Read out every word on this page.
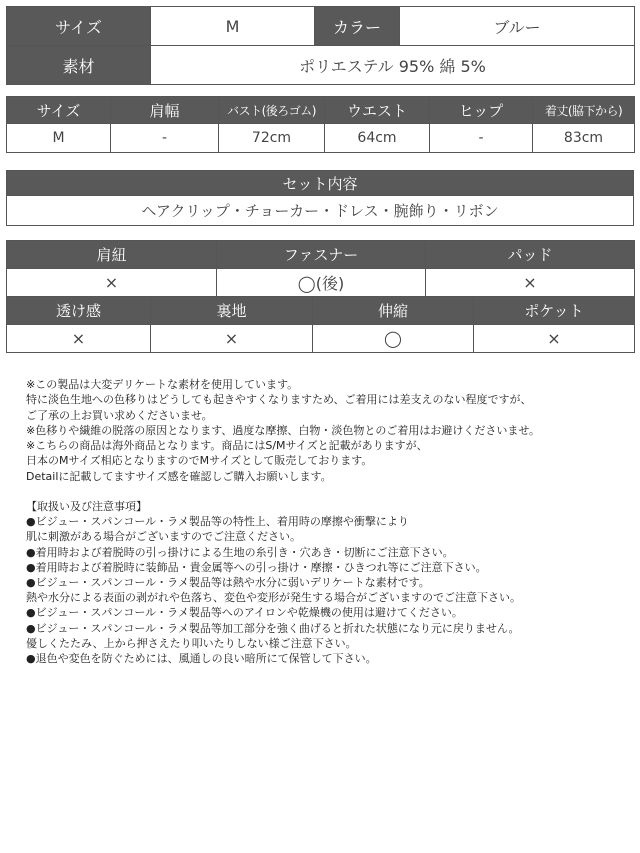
サイズ	M	カラー	ブルー
素材	ポリエステル 95% 綿 5%		
サイズ	肩幅	バスト(後ろゴム)	ウエスト	ヒップ	着丈(脇下から)
M	-	72cm	64cm	-	83cm
セット内容
ヘアクリップ・チョーカー・ドレス・腕飾り・リボン
肩紐	ファスナー	パッド
×	◯(後)	×
透け感	裏地	伸縮	ポケット
×	×	◯	×

※この製品は大変デリケートな素材を使用しています。

特に淡色生地への色移りはどうしても起きやすくなりますため、ご着用には差支えのない程度ですが、

ご了承の上お買い求めくださいませ。

※色移りや繊維の脱落の原因となります、過度な摩擦、白物・淡色物とのご着用はお避けくださいませ。

※こちらの商品は海外商品となります。商品にはS/Mサイズと記載がありますが、

日本のMサイズ相応となりますのでMサイズとして販売しております。

Detailに記載してますサイズ感を確認しご購入お願いします。

【取扱い及び注意事項】

●ビジュー・スパンコール・ラメ製品等の特性上、着用時の摩擦や衝撃により

肌に刺激がある場合がございますのでご注意ください。

●着用時および着脱時の引っ掛けによる生地の糸引き・穴あき・切断にご注意下さい。

●着用時および着脱時に装飾品・貴金属等への引っ掛け・摩擦・ひきつれ等にご注意下さい。

●ビジュー・スパンコール・ラメ製品等は熱や水分に弱いデリケートな素材です。

熱や水分による表面の剥がれや色落ち、変色や変形が発生する場合がございますのでご注意下さい。

●ビジュー・スパンコール・ラメ製品等へのアイロンや乾燥機の使用は避けてください。

●ビジュー・スパンコール・ラメ製品等加工部分を強く曲げると折れた状態になり元に戻りません。

優しくたたみ、上から押さえたり叩いたりしない様ご注意下さい。

●退色や変色を防ぐためには、風通しの良い暗所にて保管して下さい。
